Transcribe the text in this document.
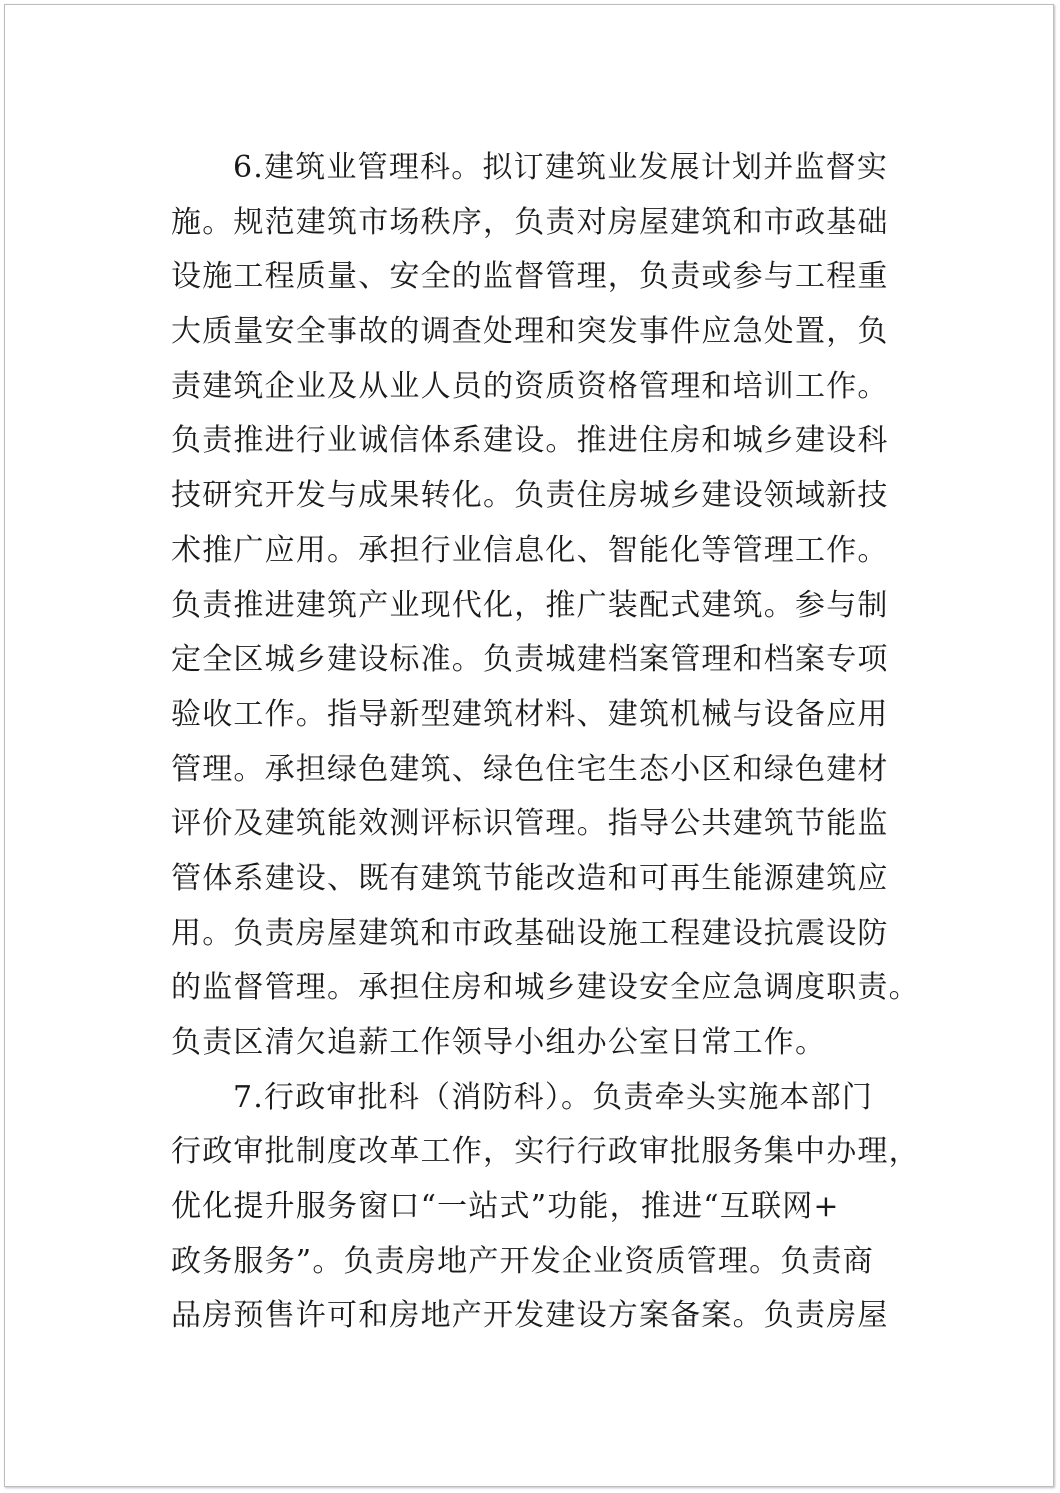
6.建筑业管理科。拟订建筑业发展计划并监督实
施。规范建筑市场秩序，负责对房屋建筑和市政基础
设施工程质量、安全的监督管理，负责或参与工程重
大质量安全事故的调查处理和突发事件应急处置，负
责建筑企业及从业人员的资质资格管理和培训工作。
负责推进行业诚信体系建设。推进住房和城乡建设科
技研究开发与成果转化。负责住房城乡建设领域新技
术推广应用。承担行业信息化、智能化等管理工作。
负责推进建筑产业现代化，推广装配式建筑。参与制
定全区城乡建设标准。负责城建档案管理和档案专项
验收工作。指导新型建筑材料、建筑机械与设备应用
管理。承担绿色建筑、绿色住宅生态小区和绿色建材
评价及建筑能效测评标识管理。指导公共建筑节能监
管体系建设、既有建筑节能改造和可再生能源建筑应
用。负责房屋建筑和市政基础设施工程建设抗震设防
的监督管理。承担住房和城乡建设安全应急调度职责。
负责区清欠追薪工作领导小组办公室日常工作。
7.行政审批科（消防科）。负责牵头实施本部门
行政审批制度改革工作，实行行政审批服务集中办理，
优化提升服务窗口“一站式”功能，推进“互联网+
政务服务”。负责房地产开发企业资质管理。负责商
品房预售许可和房地产开发建设方案备案。负责房屋
